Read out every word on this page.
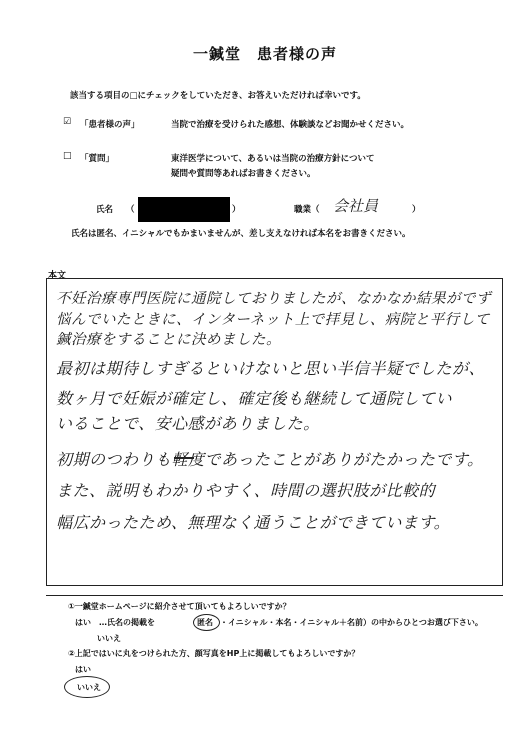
一鍼堂　患者様の声
該当する項目の□にチェックをしていただき、お答えいただければ幸いです。
☑ 「患者様の声」	当院で治療を受けられた感想、体験談などお聞かせください。
□ 「質問」	東洋医学について、あるいは当院の治療方針について
疑問や質問等あればお書きください。
氏名 （	）	職業（ 会社員	）
氏名は匿名、イニシャルでもかまいませんが、差し支えなければ本名をお書きください。
本文
不妊治療専門医院に通院しておりましたが、なかなか結果がでず
悩んでいたときに、インターネット上で拝見し、病院と平行して
鍼治療をすることに決めました。
最初は期待しすぎるといけないと思い半信半疑でしたが、
数ヶ月で妊娠が確定し、確定後も継続して通院してい
いることで、安心感がありました。
初期のつわりも軽度であったことがありがたかったです。
また、説明もわかりやすく、時間の選択肢が比較的
幅広かったため、無理なく通うことができています。
①一鍼堂ホームページに紹介させて頂いてもよろしいですか？
はい　…氏名の掲載を	匿名 ・イニシャル・本名・イニシャル＋名前）の中からひとつお選び下さい。
いいえ
②上記ではいに丸をつけられた方、顔写真をHP上に掲載してもよろしいですか？
はい
いいえ
